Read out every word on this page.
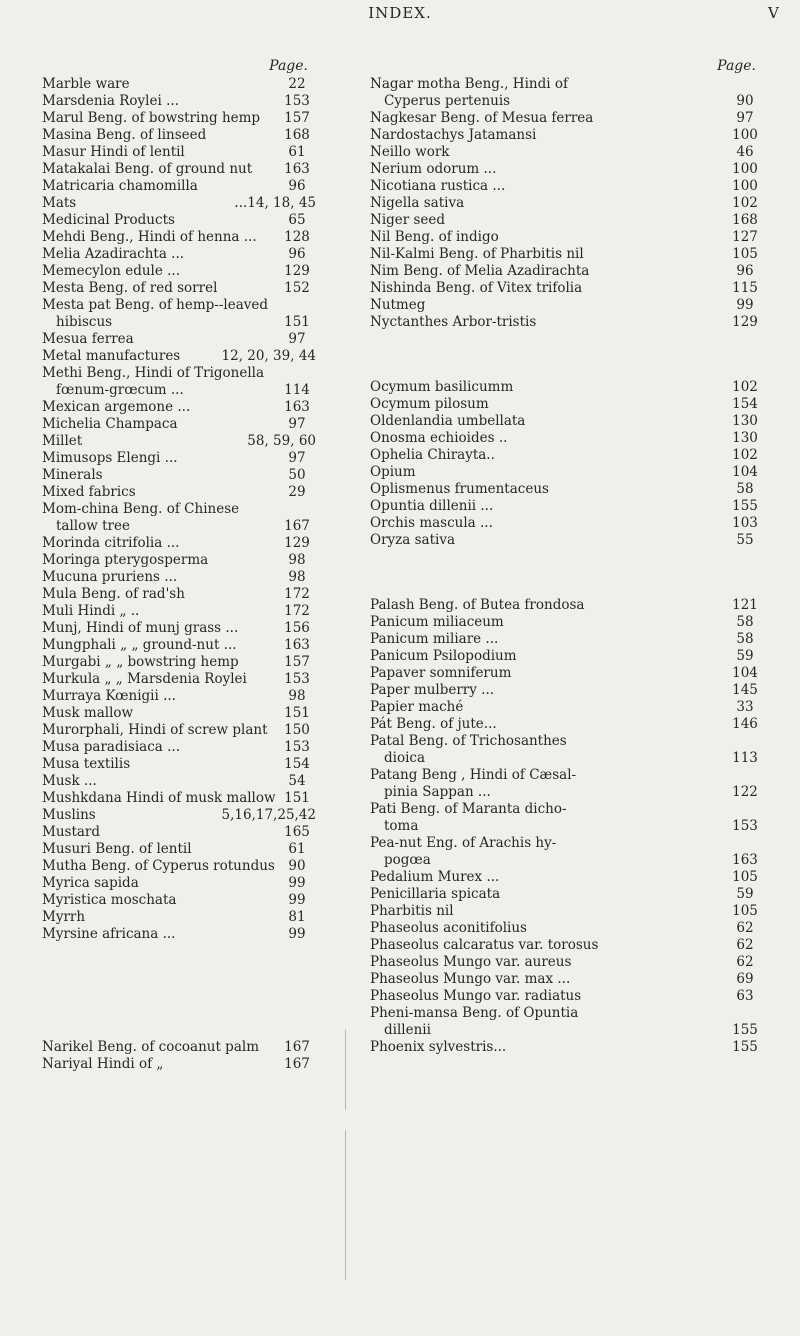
INDEX.	V
Page.
Marble ware	22
Marsdenia Roylei ...	153
Marul Beng. of bowstring hemp	157
Masina Beng. of linseed	168
Masur Hindi of lentil	61
Matakalai Beng. of ground nut	163
Matricaria chamomilla	96
Mats	...14, 18, 45
Medicinal Products	65
Mehdi Beng., Hindi of henna ...	128
Melia Azadirachta ...	96
Memecylon edule ...	129
Mesta Beng. of red sorrel	152
Mesta pat Beng. of hemp--leaved
hibiscus	151
Mesua ferrea	97
Metal manufactures	12, 20, 39, 44
Methi Beng., Hindi of Trigonella
fœnum-grœcum ...	114
Mexican argemone ...	163
Michelia Champaca	97
Millet	58, 59, 60
Mimusops Elengi ...	97
Minerals	50
Mixed fabrics	29
Mom-china Beng. of Chinese
tallow tree	167
Morinda citrifolia ...	129
Moringa pterygosperma	98
Mucuna pruriens ...	98
Mula Beng. of rad'sh	172
Muli Hindi „ ..	172
Munj, Hindi of munj grass ...	156
Mungphali „ „ ground-nut ...	163
Murgabi „ „ bowstring hemp	157
Murkula „ „ Marsdenia Roylei	153
Murraya Kœnigii ...	98
Musk mallow	151
Murorphali, Hindi of screw plant	150
Musa paradisiaca ...	153
Musa textilis	154
Musk ...	54
Mushkdana Hindi of musk mallow 151
Muslins	5,16,17,25,42
Mustard	165
Musuri Beng. of lentil	61
Mutha Beng. of Cyperus rotundus	90
Myrica sapida	99
Myristica moschata	99
Myrrh	81
Myrsine africana ...	99
Narikel Beng. of cocoanut palm	167
Nariyal Hindi of „	167
Page.
Nagar motha Beng., Hindi of
Cyperus pertenuis	90
Nagkesar Beng. of Mesua ferrea	97
Nardostachys Jatamansi	100
Neillo work	46
Nerium odorum ...	100
Nicotiana rustica ...	100
Nigella sativa	102
Niger seed	168
Nil Beng. of indigo	127
Nil-Kalmi Beng. of Pharbitis nil	105
Nim Beng. of Melia Azadirachta	96
Nishinda Beng. of Vitex trifolia	115
Nutmeg	99
Nyctanthes Arbor-tristis	129
Ocymum basilicumm	102
Ocymum pilosum	154
Oldenlandia umbellata	130
Onosma echioides ..	130
Ophelia Chirayta..	102
Opium	104
Oplismenus frumentaceus	58
Opuntia dillenii ...	155
Orchis mascula ...	103
Oryza sativa	55
Palash Beng. of Butea frondosa	121
Panicum miliaceum	58
Panicum miliare ...	58
Panicum Psilopodium	59
Papaver somniferum	104
Paper mulberry ...	145
Papier maché	33
Pát Beng. of jute...	146
Patal Beng. of Trichosanthes
dioica	113
Patang Beng , Hindi of Cæsal-
pinia Sappan ...	122
Pati Beng. of Maranta dicho-
toma	153
Pea-nut Eng. of Arachis hy-
pogœa	163
Pedalium Murex ...	105
Penicillaria spicata	59
Pharbitis nil	105
Phaseolus aconitifolius	62
Phaseolus calcaratus var. torosus	62
Phaseolus Mungo var. aureus	62
Phaseolus Mungo var. max ...	69
Phaseolus Mungo var. radiatus	63
Pheni-mansa Beng. of Opuntia
dillenii	155
Phoenix sylvestris...	155
